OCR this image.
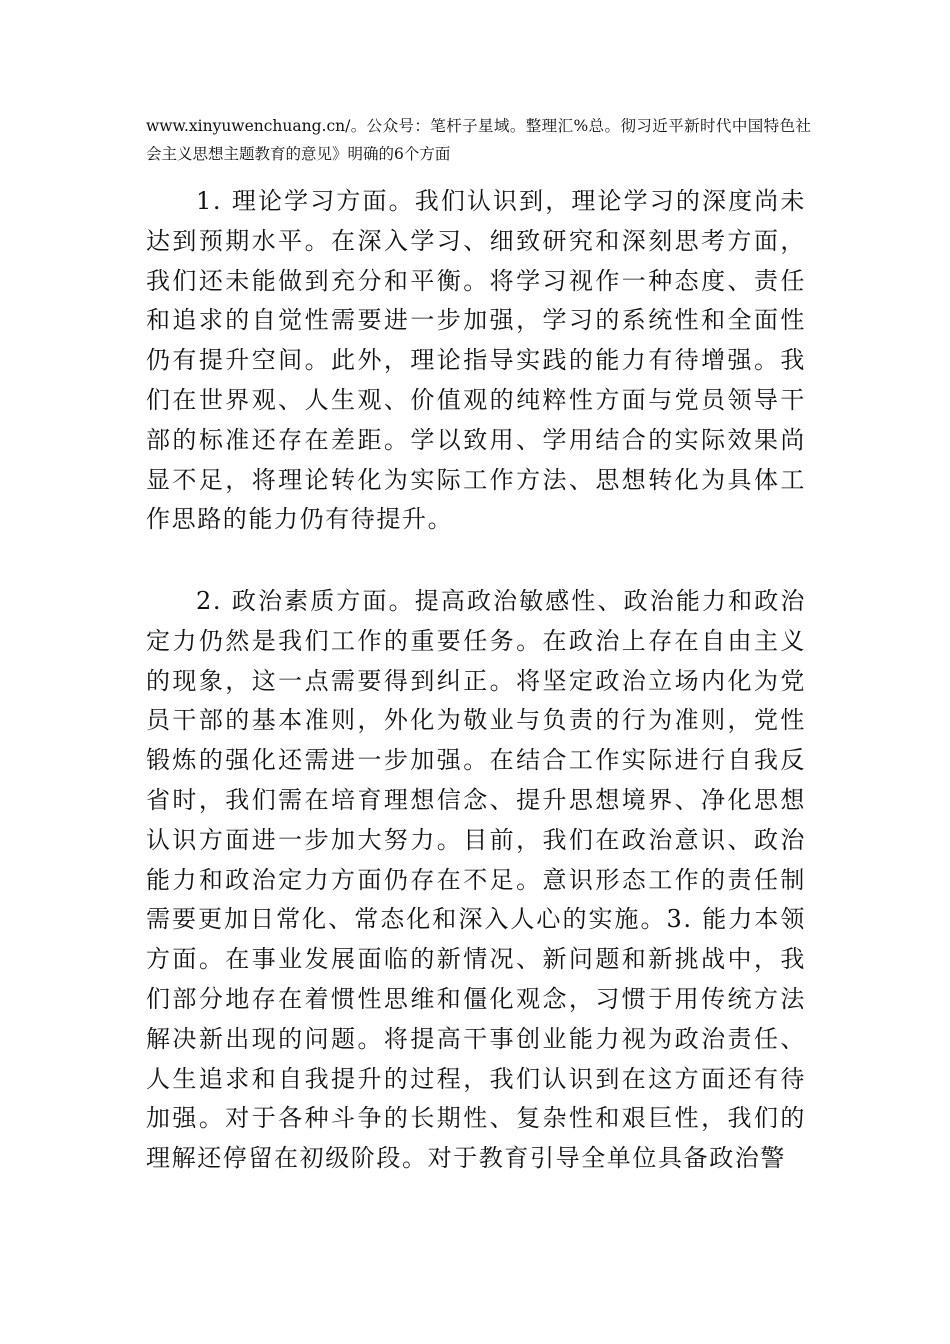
www.xinyuwenchuang.cn/。公众号：笔杆子星域。整理汇%总。彻习近平新时代中国特色社会主义思想主题教育的意见》明确的6个方面

1. 理论学习方面。我们认识到，理论学习的深度尚未达到预期水平。在深入学习、细致研究和深刻思考方面，我们还未能做到充分和平衡。将学习视作一种态度、责任和追求的自觉性需要进一步加强，学习的系统性和全面性仍有提升空间。此外，理论指导实践的能力有待增强。我们在世界观、人生观、价值观的纯粹性方面与党员领导干部的标准还存在差距。学以致用、学用结合的实际效果尚显不足，将理论转化为实际工作方法、思想转化为具体工作思路的能力仍有待提升。

2. 政治素质方面。提高政治敏感性、政治能力和政治定力仍然是我们工作的重要任务。在政治上存在自由主义的现象，这一点需要得到纠正。将坚定政治立场内化为党员干部的基本准则，外化为敬业与负责的行为准则，党性锻炼的强化还需进一步加强。在结合工作实际进行自我反省时，我们需在培育理想信念、提升思想境界、净化思想认识方面进一步加大努力。目前，我们在政治意识、政治能力和政治定力方面仍存在不足。意识形态工作的责任制需要更加日常化、常态化和深入人心的实施。3. 能力本领方面。在事业发展面临的新情况、新问题和新挑战中，我们部分地存在着惯性思维和僵化观念，习惯于用传统方法解决新出现的问题。将提高干事创业能力视为政治责任、人生追求和自我提升的过程，我们认识到在这方面还有待加强。对于各种斗争的长期性、复杂性和艰巨性，我们的理解还停留在初级阶段。对于教育引导全单位具备政治警
